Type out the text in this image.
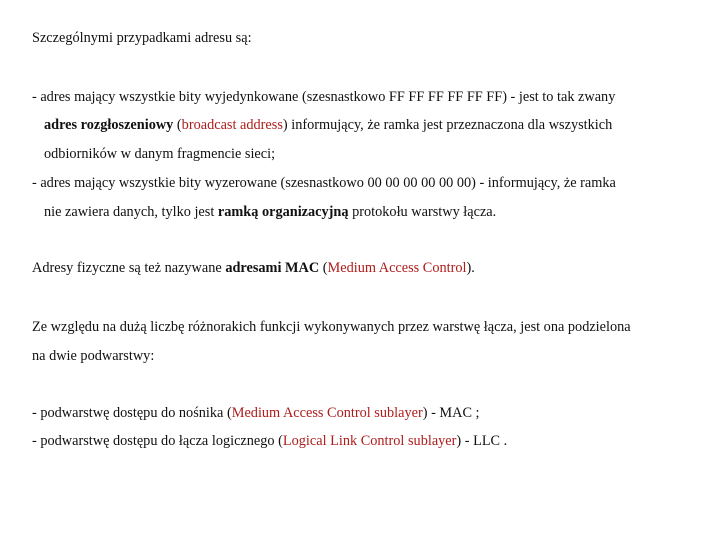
Szczególnymi przypadkami adresu są:
- adres mający wszystkie bity wyjedynkowane (szesnastkowo FF FF FF FF FF FF) - jest to tak zwany
adres rozgłoszeniowy (broadcast address) informujący, że ramka jest przeznaczona dla wszystkich
odbiorników w danym fragmencie sieci;
- adres mający wszystkie bity wyzerowane (szesnastkowo 00 00 00 00 00 00) - informujący, że ramka
nie zawiera danych, tylko jest ramką organizacyjną protokołu warstwy łącza.
Adresy fizyczne są też nazywane adresami MAC (Medium Access Control).
Ze względu na dużą liczbę różnorakich funkcji wykonywanych przez warstwę łącza, jest ona podzielona
na dwie podwarstwy:
- podwarstwę dostępu do nośnika (Medium Access Control sublayer) - MAC ;
- podwarstwę dostępu do łącza logicznego (Logical Link Control sublayer) - LLC .
